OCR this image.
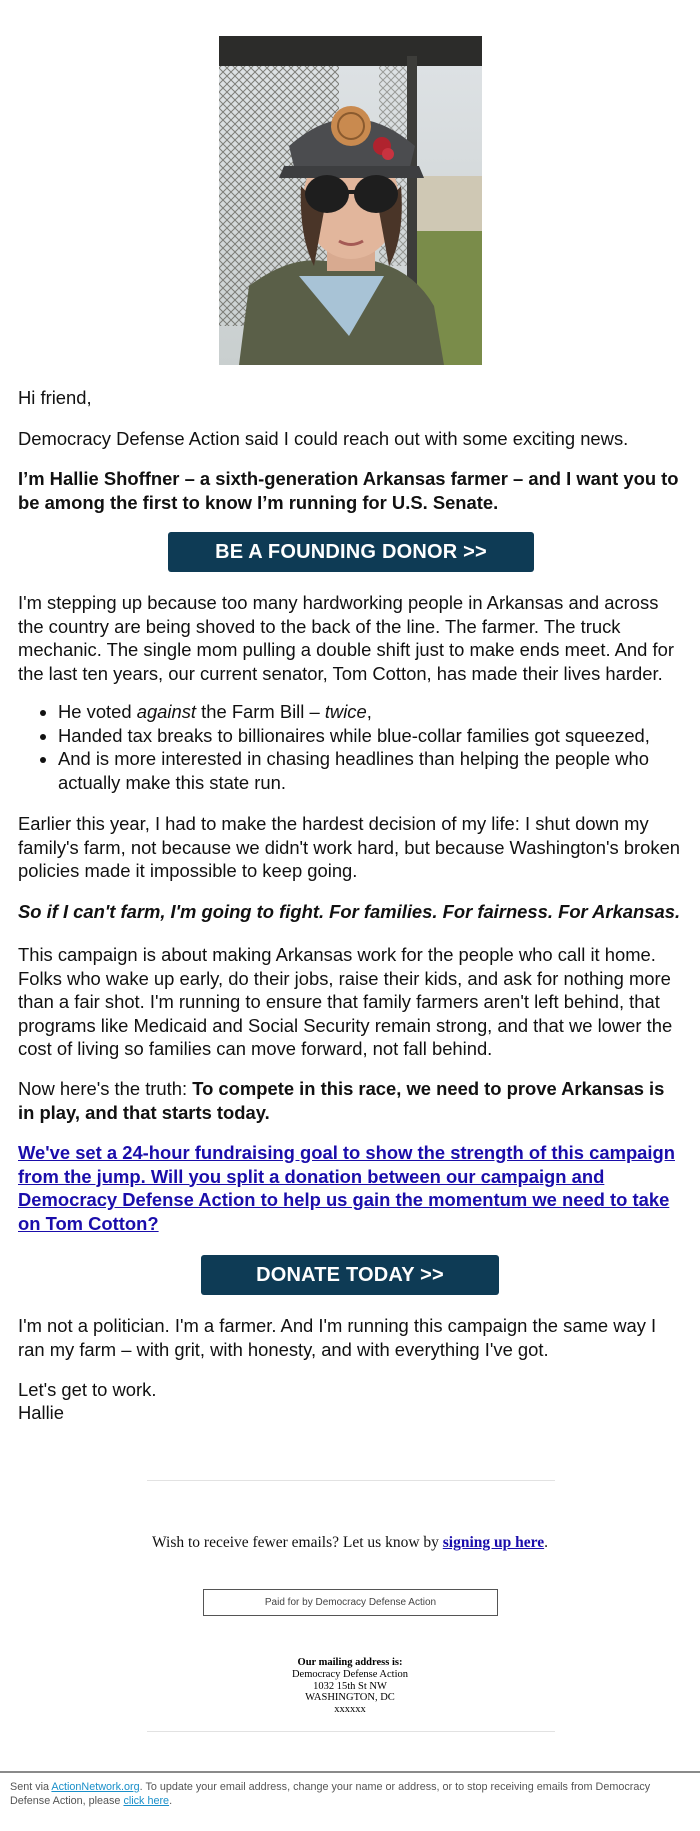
Hi friend,

Democracy Defense Action said I could reach out with some exciting news.

I’m Hallie Shoffner – a sixth-generation Arkansas farmer – and I want you to be among the first to know I’m running for U.S. Senate.

BE A FOUNDING DONOR >>

I'm stepping up because too many hardworking people in Arkansas and across the country are being shoved to the back of the line. The farmer. The truck mechanic. The single mom pulling a double shift just to make ends meet. And for the last ten years, our current senator, Tom Cotton, has made their lives harder.

• He voted against the Farm Bill – twice,
• Handed tax breaks to billionaires while blue-collar families got squeezed,
• And is more interested in chasing headlines than helping the people who actually make this state run.

Earlier this year, I had to make the hardest decision of my life: I shut down my family's farm, not because we didn't work hard, but because Washington's broken policies made it impossible to keep going.

So if I can't farm, I'm going to fight. For families. For fairness. For Arkansas.

This campaign is about making Arkansas work for the people who call it home. Folks who wake up early, do their jobs, raise their kids, and ask for nothing more than a fair shot. I'm running to ensure that family farmers aren't left behind, that programs like Medicaid and Social Security remain strong, and that we lower the cost of living so families can move forward, not fall behind.

Now here's the truth: To compete in this race, we need to prove Arkansas is in play, and that starts today.

We've set a 24-hour fundraising goal to show the strength of this campaign from the jump. Will you split a donation between our campaign and Democracy Defense Action to help us gain the momentum we need to take on Tom Cotton?

DONATE TODAY >>

I'm not a politician. I'm a farmer. And I'm running this campaign the same way I ran my farm – with grit, with honesty, and with everything I've got.

Let's get to work.

Hallie

Wish to receive fewer emails? Let us know by signing up here.
Paid for by Democracy Defense Action
Our mailing address is:
Democracy Defense Action
1032 15th St NW
WASHINGTON, DC
xxxxxx
Sent via ActionNetwork.org. To update your email address, change your name or address, or to stop receiving emails from Democracy Defense Action, please click here.
